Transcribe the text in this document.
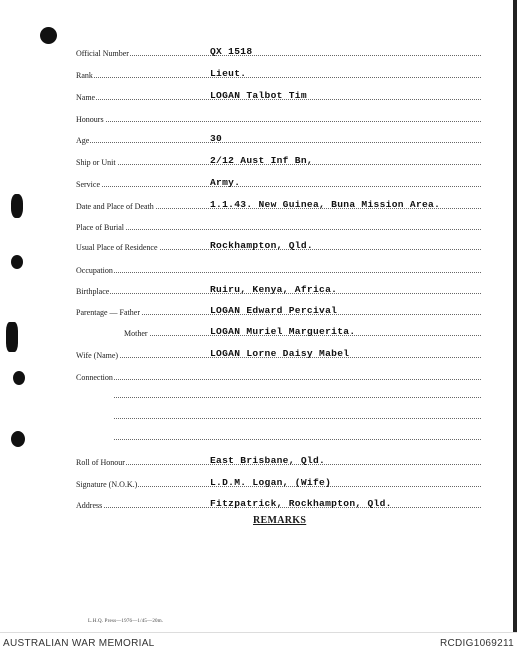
Official Number	QX 1518
Rank	Lieut.
Name	LOGAN Talbot Tim
Honours
Age	30
Ship or Unit	2/12 Aust Inf Bn,
Service	Army.
Date and Place of Death	1.1.43. New Guinea, Buna Mission Area.
Place of Burial
Usual Place of Residence	Rockhampton, Qld.
Occupation
Birthplace	Ruiru, Kenya, Africa.
Parentage — Father	LOGAN Edward Percival
Mother	LOGAN Muriel Marguerita.
Wife (Name)	LOGAN Lorne Daisy Mabel
Connection
Roll of Honour	East Brisbane, Qld.
Signature (N.O.K.)	L.D.M. Logan, (Wife)
Address	Fitzpatrick, Rockhampton, Qld.
REMARKS
L.H.Q. Press—1976—1/45—20m.
AUSTRALIAN WAR MEMORIAL	RCDIG1069211
